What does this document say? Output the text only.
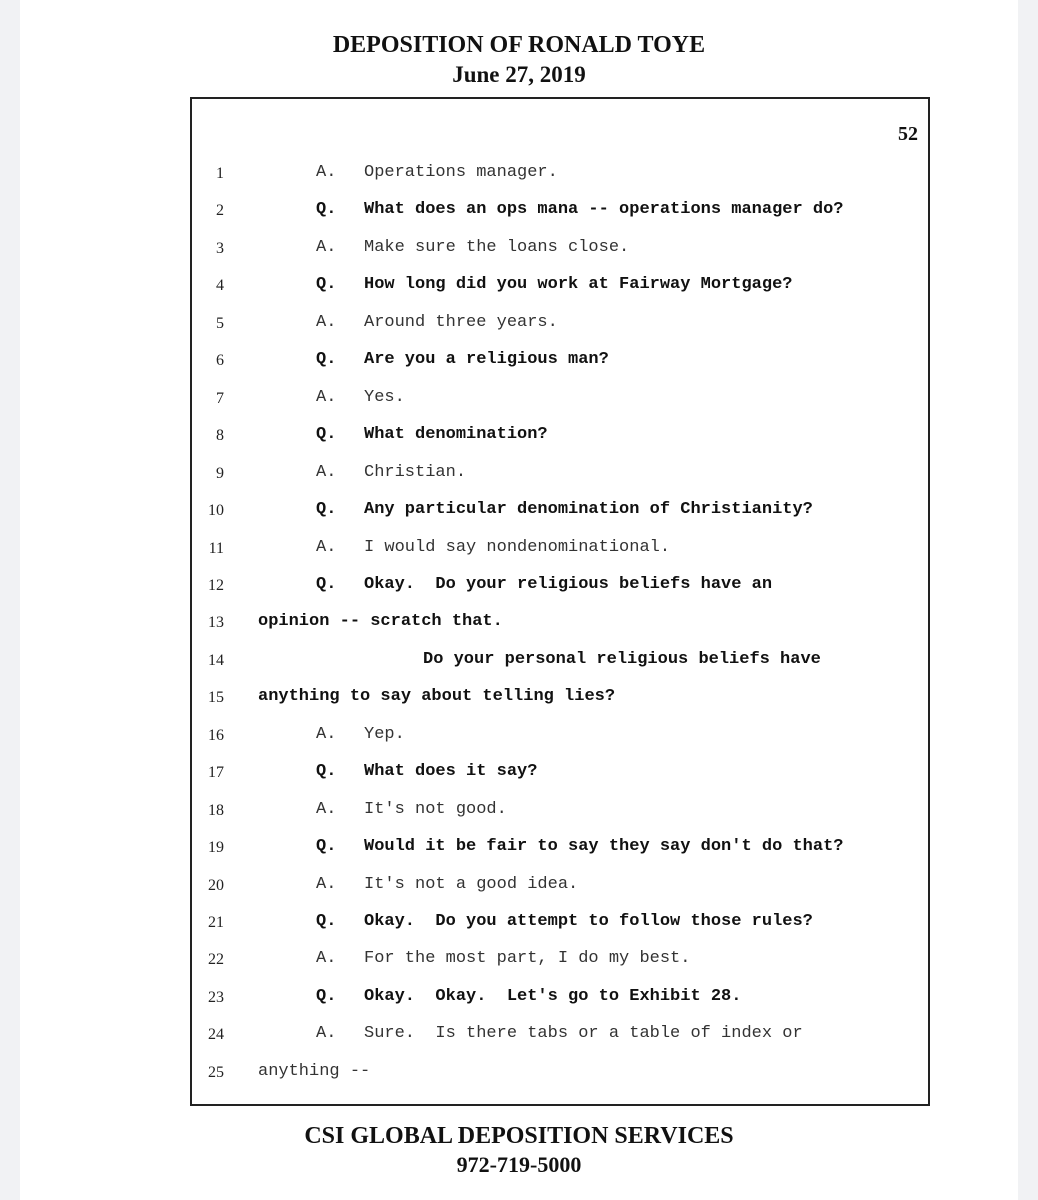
DEPOSITION OF RONALD TOYE
June 27, 2019
52
1	A. Operations manager.
2	Q. What does an ops mana -- operations manager do?
3	A. Make sure the loans close.
4	Q. How long did you work at Fairway Mortgage?
5	A. Around three years.
6	Q. Are you a religious man?
7	A. Yes.
8	Q. What denomination?
9	A. Christian.
10	Q. Any particular denomination of Christianity?
11	A. I would say nondenominational.
12	Q. Okay.  Do your religious beliefs have an
13 opinion -- scratch that.
14	Do your personal religious beliefs have
15 anything to say about telling lies?
16	A. Yep.
17	Q. What does it say?
18	A. It's not good.
19	Q. Would it be fair to say they say don't do that?
20	A. It's not a good idea.
21	Q. Okay.  Do you attempt to follow those rules?
22	A. For the most part, I do my best.
23	Q. Okay.  Okay.  Let's go to Exhibit 28.
24	A. Sure.  Is there tabs or a table of index or
25 anything --
CSI GLOBAL DEPOSITION SERVICES
972-719-5000
